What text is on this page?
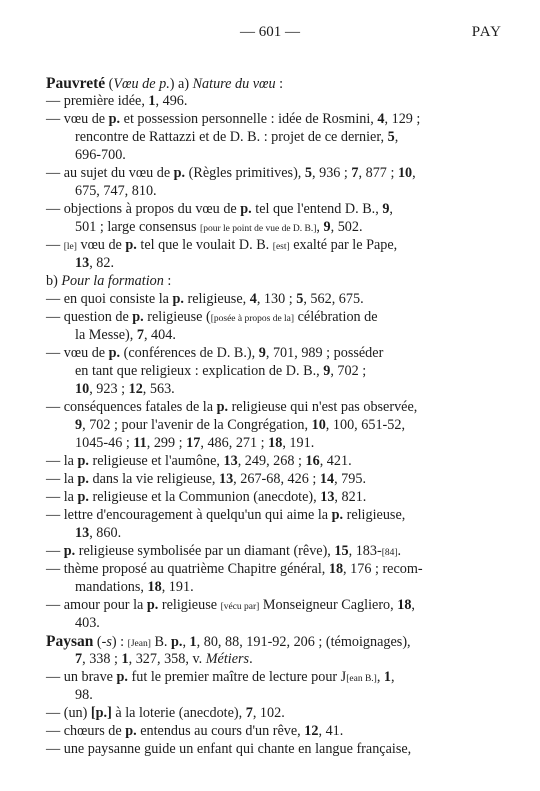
— 601 —	PAY
Pauvreté (Vœu de p.) a) Nature du vœu :
— première idée, 1, 496.
— vœu de p. et possession personnelle : idée de Rosmini, 4, 129 ;
rencontre de Rattazzi et de D. B. : projet de ce dernier, 5,
696-700.
— au sujet du vœu de p. (Règles primitives), 5, 936 ; 7, 877 ; 10,
675, 747, 810.
— objections à propos du vœu de p. tel que l'entend D. B., 9,
501 ; large consensus [pour le point de vue de D. B.], 9, 502.
— [le] vœu de p. tel que le voulait D. B. [est] exalté par le Pape,
13, 82.
b) Pour la formation :
— en quoi consiste la p. religieuse, 4, 130 ; 5, 562, 675.
— question de p. religieuse ([posée à propos de la] célébration de
la Messe), 7, 404.
— vœu de p. (conférences de D. B.), 9, 701, 989 ; posséder
en tant que religieux : explication de D. B., 9, 702 ;
10, 923 ; 12, 563.
— conséquences fatales de la p. religieuse qui n'est pas observée,
9, 702 ; pour l'avenir de la Congrégation, 10, 100, 651-52,
1045-46 ; 11, 299 ; 17, 486, 271 ; 18, 191.
— la p. religieuse et l'aumône, 13, 249, 268 ; 16, 421.
— la p. dans la vie religieuse, 13, 267-68, 426 ; 14, 795.
— la p. religieuse et la Communion (anecdote), 13, 821.
— lettre d'encouragement à quelqu'un qui aime la p. religieuse,
13, 860.
— p. religieuse symbolisée par un diamant (rêve), 15, 183-[84].
— thème proposé au quatrième Chapitre général, 18, 176 ; recom-
mandations, 18, 191.
— amour pour la p. religieuse [vécu par] Monseigneur Cagliero, 18,
403.
Paysan (-s) : [Jean] B. p., 1, 80, 88, 191-92, 206 ; (témoignages),
7, 338 ; 1, 327, 358, v. Métiers.
— un brave p. fut le premier maître de lecture pour J[ean B.], 1,
98.
— (un) [p.] à la loterie (anecdote), 7, 102.
— chœurs de p. entendus au cours d'un rêve, 12, 41.
— une paysanne guide un enfant qui chante en langue française,
